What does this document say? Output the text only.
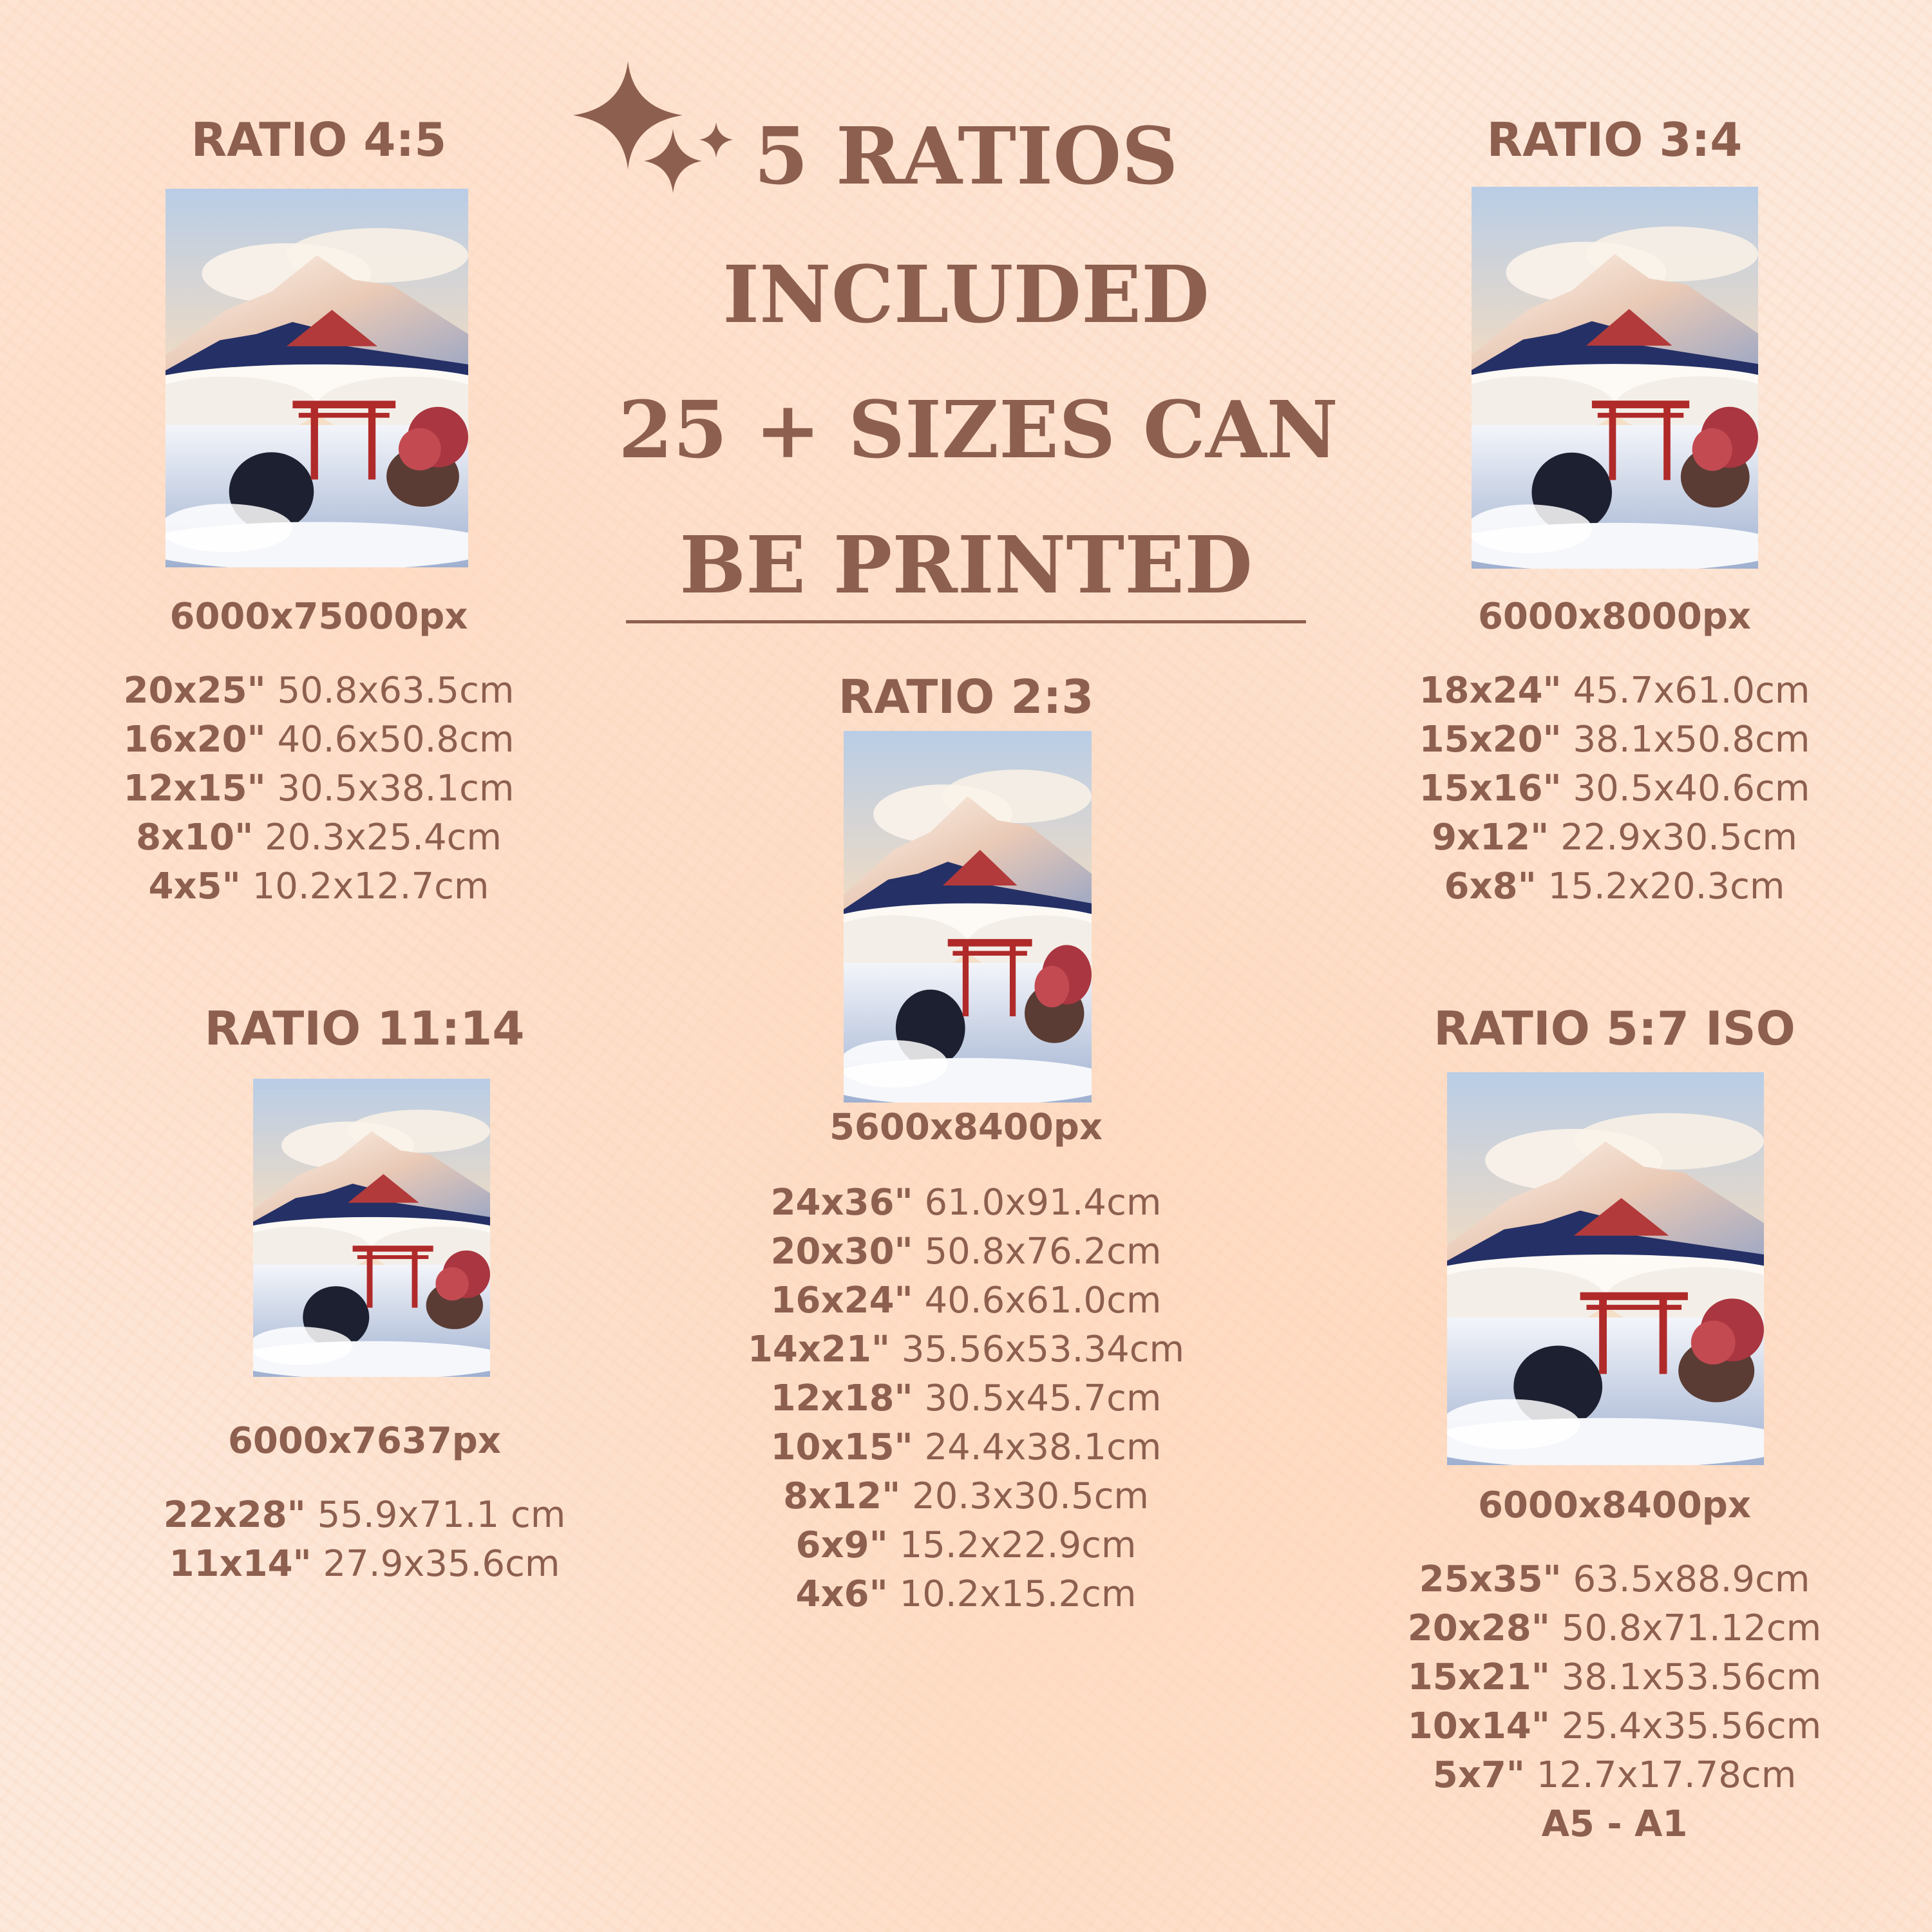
5 RATIOS
INCLUDED
25 + SIZES CAN
BE PRINTED
RATIO 4:5
6000x75000px
20x25" 50.8x63.5cm
16x20" 40.6x50.8cm
12x15" 30.5x38.1cm
8x10" 20.3x25.4cm
4x5" 10.2x12.7cm
RATIO 3:4
6000x8000px
18x24" 45.7x61.0cm
15x20" 38.1x50.8cm
15x16" 30.5x40.6cm
9x12" 22.9x30.5cm
6x8" 15.2x20.3cm
RATIO 2:3
5600x8400px
24x36" 61.0x91.4cm
20x30" 50.8x76.2cm
16x24" 40.6x61.0cm
14x21" 35.56x53.34cm
12x18" 30.5x45.7cm
10x15" 24.4x38.1cm
8x12" 20.3x30.5cm
6x9" 15.2x22.9cm
4x6" 10.2x15.2cm
RATIO 11:14
6000x7637px
22x28" 55.9x71.1 cm
11x14" 27.9x35.6cm
RATIO 5:7 ISO
6000x8400px
25x35" 63.5x88.9cm
20x28" 50.8x71.12cm
15x21" 38.1x53.56cm
10x14" 25.4x35.56cm
5x7" 12.7x17.78cm
A5 - A1
